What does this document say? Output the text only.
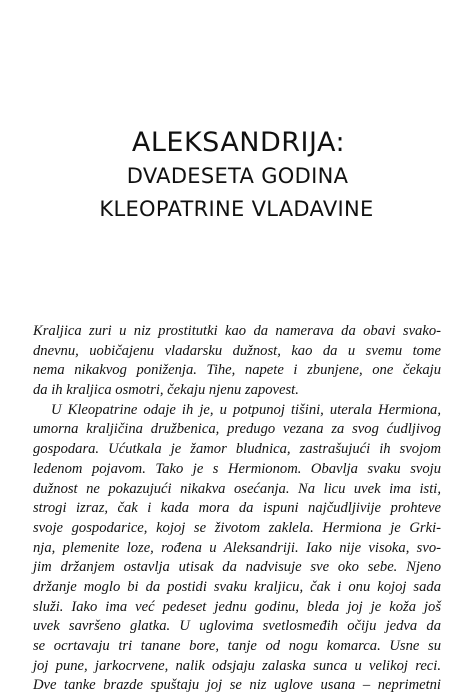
ALEKSANDRIJA:
DVADESETA GODINA
KLEOPATRINE VLADAVINE
Kraljica zuri u niz prostitutki kao da namerava da obavi svako-
dnevnu, uobičajenu vladarsku dužnost, kao da u svemu tome
nema nikakvog poniženja. Tihe, napete i zbunjene, one čekaju
da ih kraljica osmotri, čekaju njenu zapovest.
U Kleopatrine odaje ih je, u potpunoj tišini, uterala Hermiona,
umorna kraljičina družbenica, predugo vezana za svog ćudljivog
gospodara. Ućutkala je žamor bludnica, zastrašujući ih svojom
ledenom pojavom. Tako je s Hermionom. Obavlja svaku svoju
dužnost ne pokazujući nikakva osećanja. Na licu uvek ima isti,
strogi izraz, čak i kada mora da ispuni najčudljivije prohteve
svoje gospodarice, kojoj se životom zaklela. Hermiona je Grki-
nja, plemenite loze, rođena u Aleksandriji. Iako nije visoka, svo-
jim držanjem ostavlja utisak da nadvisuje sve oko sebe. Njeno
držanje moglo bi da postidi svaku kraljicu, čak i onu kojoj sada
služi. Iako ima već pedeset jednu godinu, bleda joj je koža još
uvek savršeno glatka. U uglovima svetlosmeđih očiju jedva da
se ocrtavaju tri tanane bore, tanje od nogu komarca. Usne su
joj pune, jarkocrvene, nalik odsjaju zalaska sunca u velikoj reci.
Dve tanke brazde spuštaju joj se niz uglove usana – neprimetni
